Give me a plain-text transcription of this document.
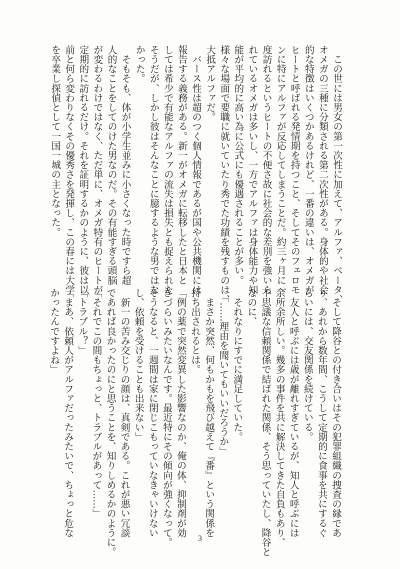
　この世には男女の第一次性に加えて、アルファ、ベータ、

オメガの三種に分類される第二次性がある。身体的や社会

的な特徴はいくつかあるけれど、一番の違いは、オメガが

ヒートと呼ばれる発情期を持つこと、そしてそのフェロモ

ンに特にアルファが反応してしまうことだ。約三ヶ月に一

度訪れるというヒートの不便さ故に社会的な差別を強いら

れているオメガは多いし、一方でアルファは身体能力や知

能が平均的に高い為に公式にも優遇されることが多い。

様々な場面で要職に就いていたり秀でた功績を残すものは、

大抵アルファだ。

　バース性は超のつく個人情報であるが国や公共機関には

報告する義務がある。新一がオメガに転移したと日本と

しては希少で有能なアルファの流失は損失とも捉えられた

そうだが、しかし彼はそんなことに臆するような男ではな

かった。

　そもそも、体が小学生並みに小さくなった時ですら超

人的なことをしてのけた男なのだ。その有能すぎる頭脳

が変わるわけではなく、ただ単に、オメガ特有のヒートが

定期的に訪れるだけ。それを証明するかのように、彼は以

前と何ら変わりなくその優秀さを発揮し、この春には大学

を卒業し探偵として一国一城の主となった。

　そして降谷との付き合いはその犯罪組織の捜査の縁であ

り、あれから数年間、こうして定期的に食事を共にするぐ

らいには、交友関係を続けている。

　友人と呼ぶには歳が離れすぎているが、知人と呼ぶには

余所余所しい。幾多の事件を共に解決してきた自負もあり、

不思議な信頼関係で結ばれた関係、そう思っていたし、降谷と

なのに、

　それなりにすでに満足していた。

　「……理由を聞いてもいいだろうか」

　まさか突然、何もかもを飛び越えて『番』という関係を

持ち出されるとは。

「例の薬で突然変異した影響なのか、俺の体、抑制剤が効

きづらいみたいなんです。最近特にその傾向が強くなって。

そうなると、一週間は家に閉じこもっていなきゃいけない

し、依頼を受けることも出来ない」

　新一の苦み交じりの顔は、真剣である。これが悪い冗談

であれば良かったのにと思うことを、知りしめるかのように。

「それでこの間もちょっと、トラブルがあって……」

「トラブル？」

「まあ、依頼人がアルファだったみたいで、ちょっと危な

かったんですよね」

3
